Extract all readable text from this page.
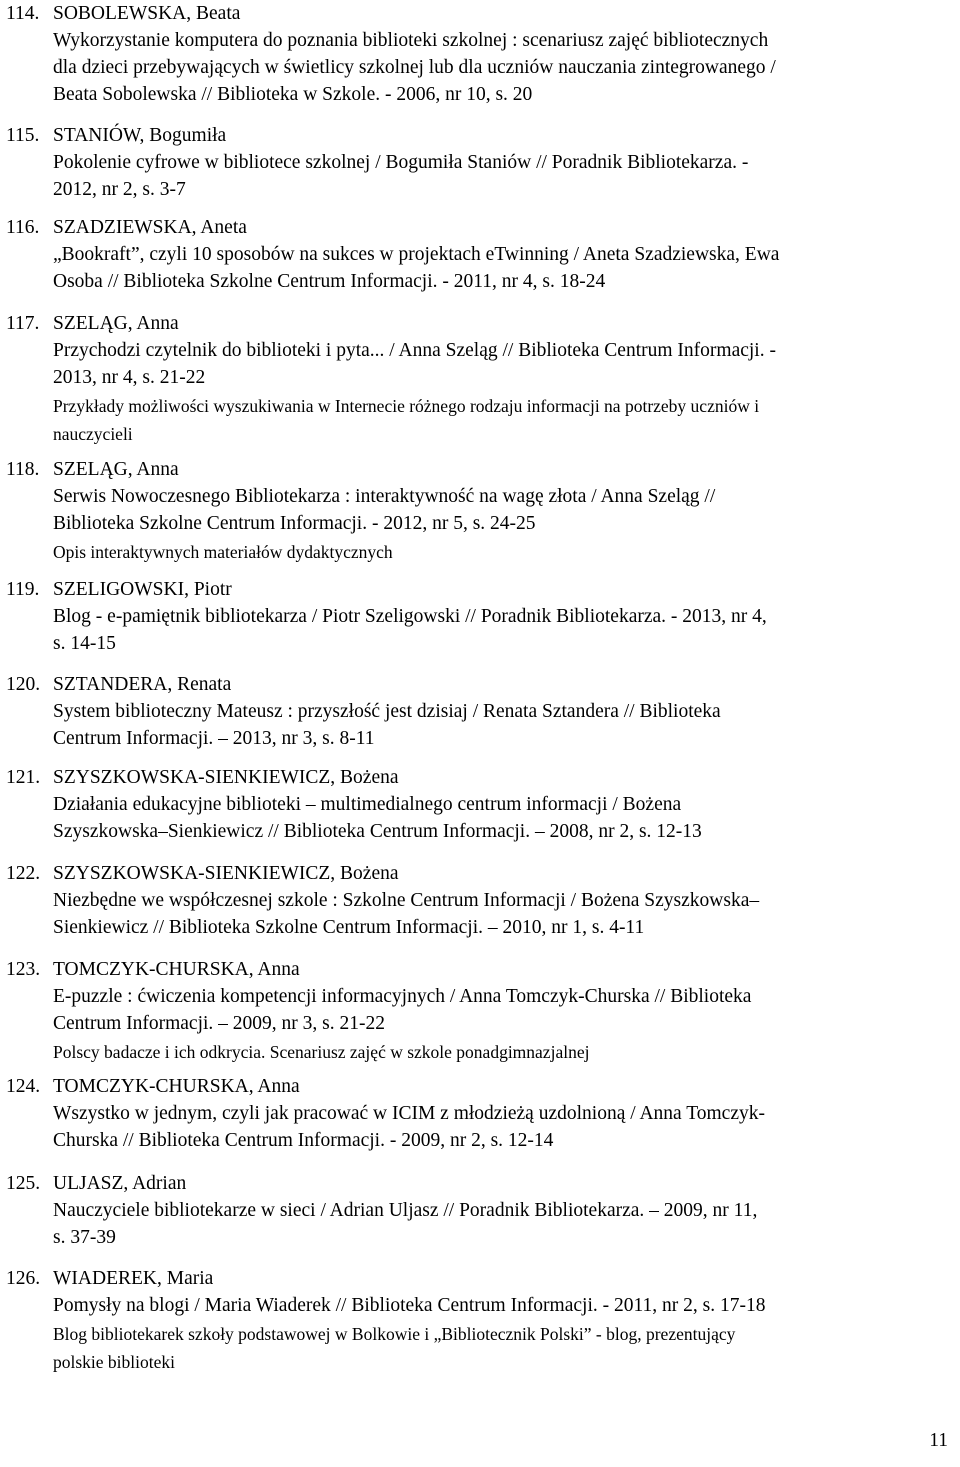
114. SOBOLEWSKA, Beata
Wykorzystanie komputera do poznania biblioteki szkolnej : scenariusz zajęć bibliotecznych
dla dzieci przebywających w świetlicy szkolnej lub dla uczniów nauczania zintegrowanego /
Beata Sobolewska // Biblioteka w Szkole. - 2006, nr 10, s. 20
115. STANIÓW, Bogumiła
Pokolenie cyfrowe w bibliotece szkolnej / Bogumiła Staniów // Poradnik Bibliotekarza. -
2012, nr 2, s. 3-7
116. SZADZIEWSKA, Aneta
„Bookraft”, czyli 10 sposobów na sukces w projektach eTwinning / Aneta Szadziewska, Ewa
Osoba // Biblioteka Szkolne Centrum Informacji. - 2011, nr 4, s. 18-24
117. SZELĄG, Anna
Przychodzi czytelnik do biblioteki i pyta... / Anna Szeląg // Biblioteka Centrum Informacji. -
2013, nr 4, s. 21-22
Przykłady możliwości wyszukiwania w Internecie różnego rodzaju informacji na potrzeby uczniów i
nauczycieli
118. SZELĄG, Anna
Serwis Nowoczesnego Bibliotekarza : interaktywność na wagę złota / Anna Szeląg //
Biblioteka Szkolne Centrum Informacji. - 2012, nr 5, s. 24-25
Opis interaktywnych materiałów dydaktycznych
119. SZELIGOWSKI, Piotr
Blog - e-pamiętnik bibliotekarza / Piotr Szeligowski // Poradnik Bibliotekarza. - 2013, nr 4,
s. 14-15
120. SZTANDERA, Renata
System biblioteczny Mateusz : przyszłość jest dzisiaj / Renata Sztandera // Biblioteka
Centrum Informacji. – 2013, nr 3, s. 8-11
121. SZYSZKOWSKA-SIENKIEWICZ, Bożena
Działania edukacyjne biblioteki – multimedialnego centrum informacji / Bożena
Szyszkowska–Sienkiewicz // Biblioteka Centrum Informacji. – 2008, nr 2, s. 12-13
122. SZYSZKOWSKA-SIENKIEWICZ, Bożena
Niezbędne we współczesnej szkole : Szkolne Centrum Informacji / Bożena Szyszkowska–
Sienkiewicz // Biblioteka Szkolne Centrum Informacji. – 2010, nr 1, s. 4-11
123. TOMCZYK-CHURSKA, Anna
E-puzzle : ćwiczenia kompetencji informacyjnych / Anna Tomczyk-Churska // Biblioteka
Centrum Informacji. – 2009, nr 3, s. 21-22
Polscy badacze i ich odkrycia. Scenariusz zajęć w szkole ponadgimnazjalnej
124. TOMCZYK-CHURSKA, Anna
Wszystko w jednym, czyli jak pracować w ICIM z młodzieżą uzdolnioną / Anna Tomczyk-
Churska // Biblioteka Centrum Informacji. - 2009, nr 2, s. 12-14
125. ULJASZ, Adrian
Nauczyciele bibliotekarze w sieci / Adrian Uljasz // Poradnik Bibliotekarza. – 2009, nr 11,
s. 37-39
126. WIADEREK, Maria
Pomysły na blogi / Maria Wiaderek // Biblioteka Centrum Informacji. - 2011, nr 2, s. 17-18
Blog bibliotekarek szkoły podstawowej w Bolkowie i „Bibliotecznik Polski” - blog, prezentujący
polskie biblioteki
11
